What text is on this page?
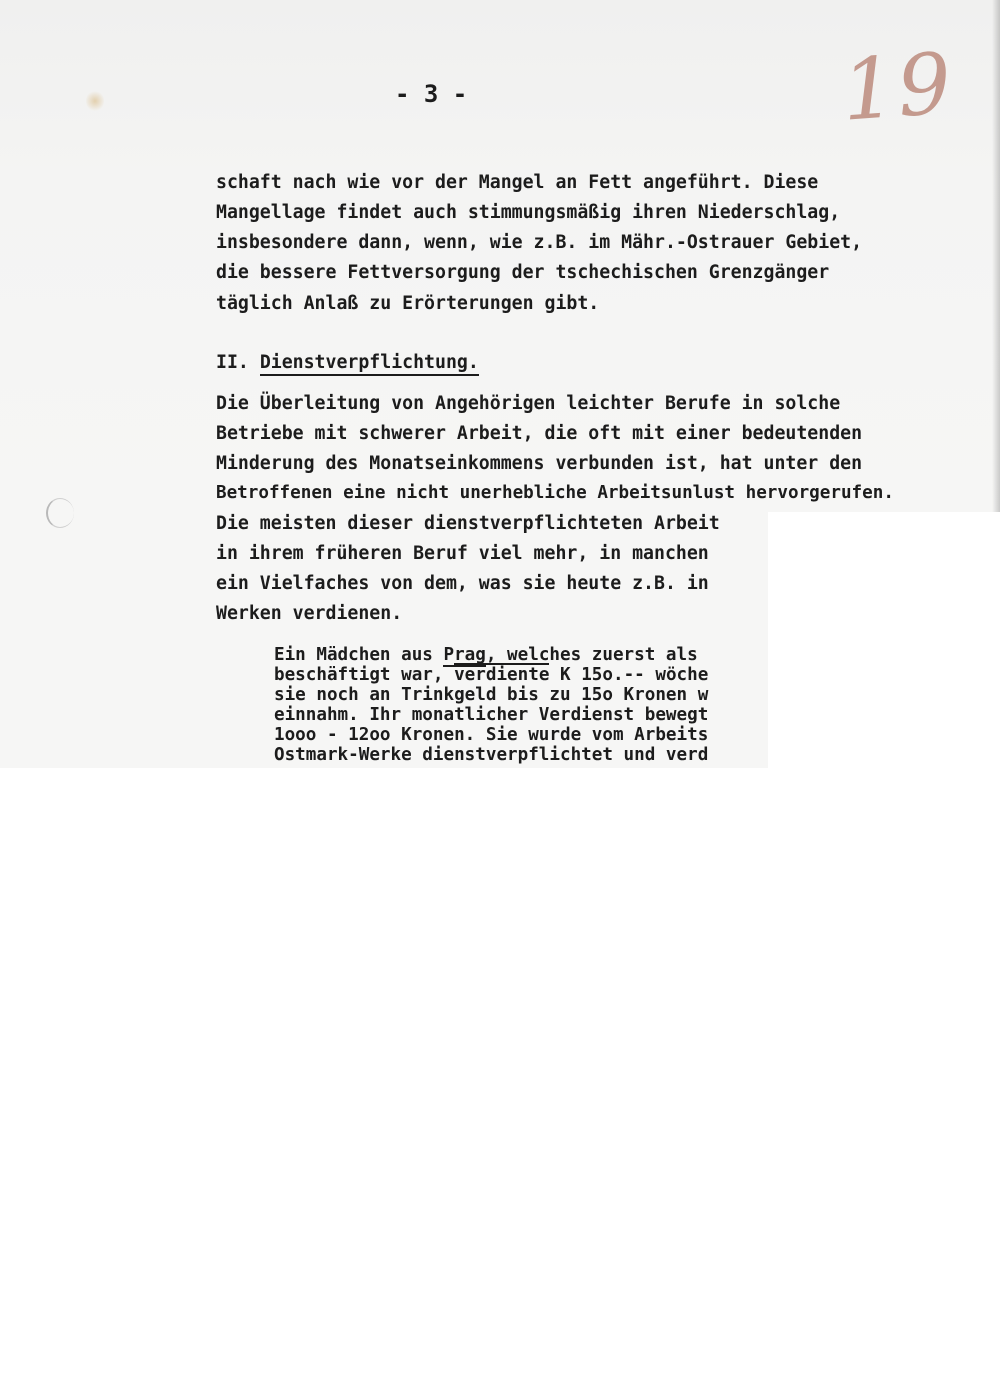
19

- 3 -

schaft nach wie vor der Mangel an Fett angeführt. Diese

Mangellage findet auch stimmungsmäßig ihren Niederschlag,

insbesondere dann, wenn, wie z.B. im Mähr.-Ostrauer Gebiet,

die bessere Fettversorgung der tschechischen Grenzgänger

täglich Anlaß zu Erörterungen gibt.

II. Dienstverpflichtung.

Die Überleitung von Angehörigen leichter Berufe in solche

Betriebe mit schwerer Arbeit, die oft mit einer bedeutenden

Minderung des Monatseinkommens verbunden ist, hat unter den

Betroffenen eine nicht unerhebliche Arbeitsunlust hervorgerufen.

Die meisten dieser dienstverpflichteten Arbeit

in ihrem früheren Beruf viel mehr, in manchen

ein Vielfaches von dem, was sie heute z.B. in

Werken verdienen.

Ein Mädchen aus Prag, welches zuerst als

beschäftigt war, verdiente K 15o.-- wöche

sie noch an Trinkgeld bis zu 15o Kronen w

einnahm. Ihr monatlicher Verdienst bewegt

1ooo - 12oo Kronen. Sie wurde vom Arbeits

Ostmark-Werke dienstverpflichtet und verd
